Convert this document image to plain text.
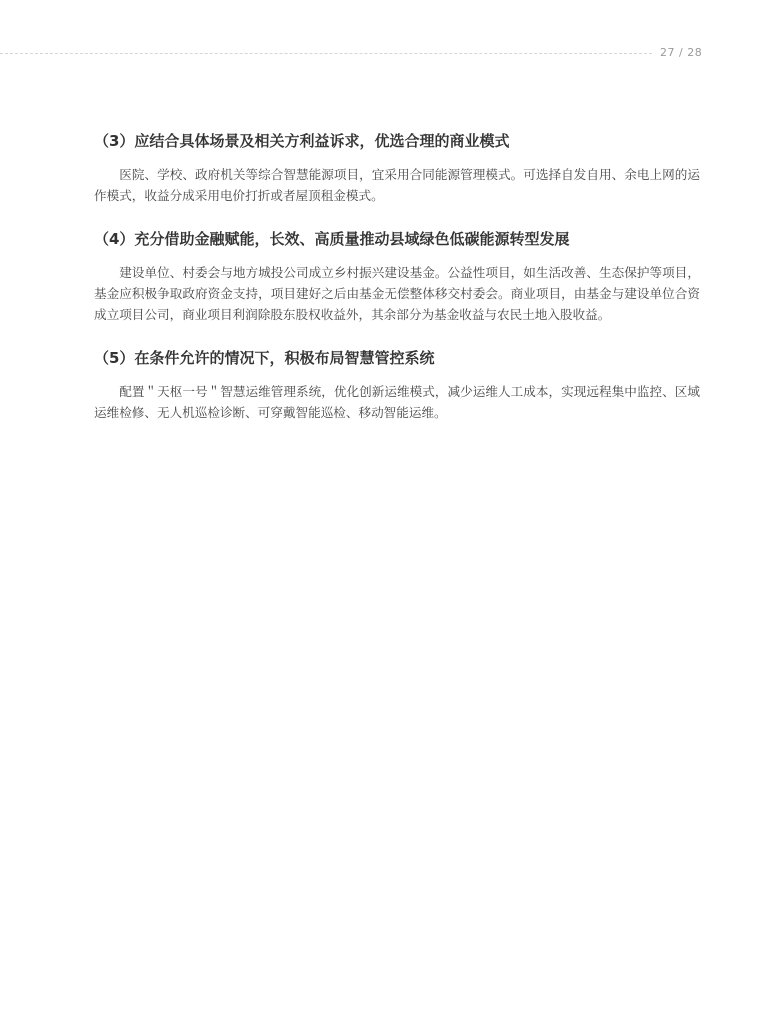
27 / 28
（3）应结合具体场景及相关方利益诉求，优选合理的商业模式

医院、学校、政府机关等综合智慧能源项目，宜采用合同能源管理模式。可选择自发自用、余电上网的运作模式，收益分成采用电价打折或者屋顶租金模式。

（4）充分借助金融赋能，长效、高质量推动县域绿色低碳能源转型发展

建设单位、村委会与地方城投公司成立乡村振兴建设基金。公益性项目，如生活改善、生态保护等项目，基金应积极争取政府资金支持，项目建好之后由基金无偿整体移交村委会。商业项目，由基金与建设单位合资成立项目公司，商业项目利润除股东股权收益外，其余部分为基金收益与农民土地入股收益。

（5）在条件允许的情况下，积极布局智慧管控系统

配置＂天枢一号＂智慧运维管理系统，优化创新运维模式，减少运维人工成本，实现远程集中监控、区域运维检修、无人机巡检诊断、可穿戴智能巡检、移动智能运维。
